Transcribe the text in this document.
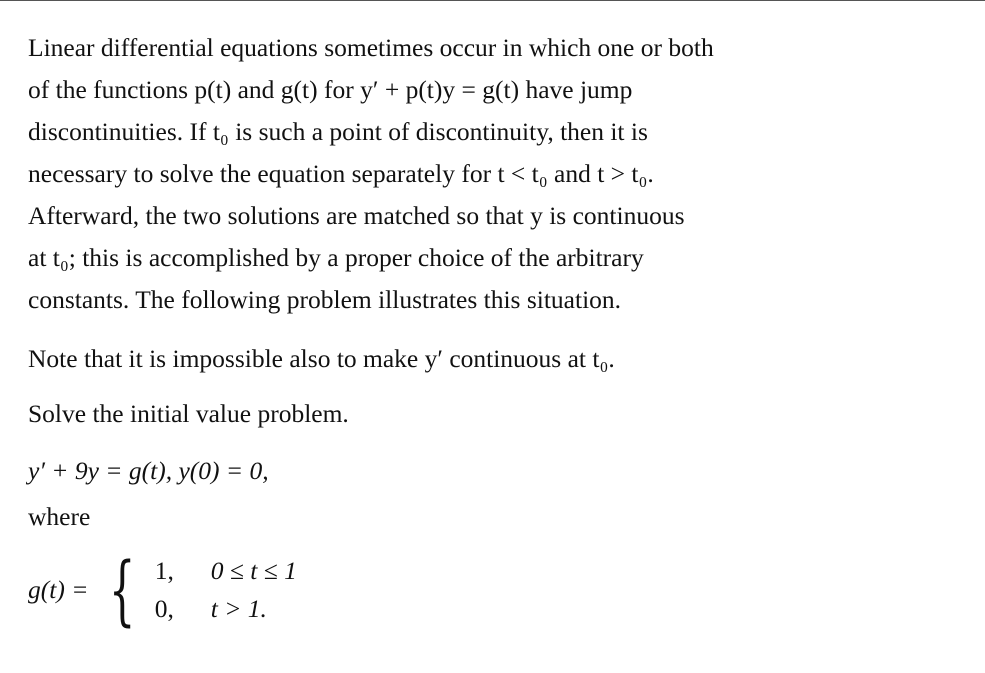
Linear differential equations sometimes occur in which one or both
of the functions p(t) and g(t) for y′ + p(t)y = g(t) have jump
discontinuities. If t₀ is such a point of discontinuity, then it is
necessary to solve the equation separately for t < t₀ and t > t₀.
Afterward, the two solutions are matched so that y is continuous
at t₀; this is accomplished by a proper choice of the arbitrary
constants. The following problem illustrates this situation.

Note that it is impossible also to make y′ continuous at t₀.

Solve the initial value problem.

y′ + 9y = g(t), y(0) = 0,

where

g(t) = { 1,	0 ≤ t ≤ 1
0,	t > 1.
